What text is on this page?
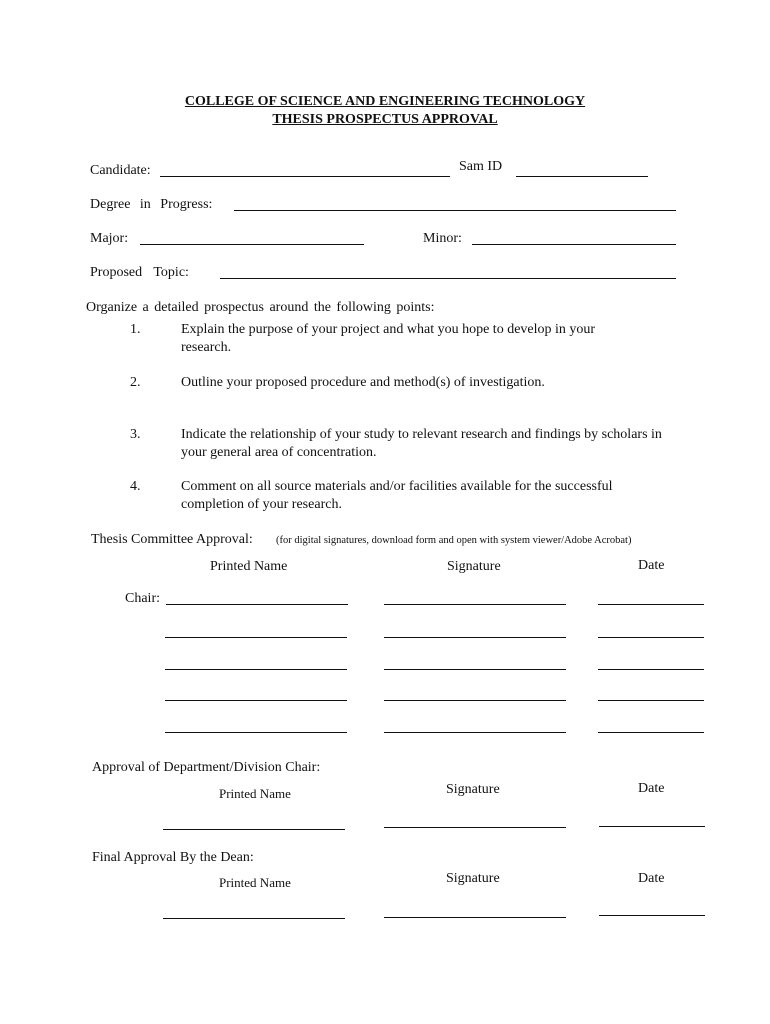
COLLEGE OF SCIENCE AND ENGINEERING TECHNOLOGY
THESIS PROSPECTUS APPROVAL
Candidate:	Sam ID
Degree in Progress:
Major:	Minor:
Proposed Topic:
Organize a detailed prospectus around the following points:
1.	Explain the purpose of your project and what you hope to develop in your
research.
2.	Outline your proposed procedure and method(s) of investigation.
3.	Indicate the relationship of your study to relevant research and findings by scholars in
your general area of concentration.
4.	Comment on all source materials and/or facilities available for the successful
completion of your research.
Thesis Committee Approval: (for digital signatures, download form and open with system viewer/Adobe Acrobat)
Printed Name	Signature	Date
Chair:
Approval of Department/Division Chair:
Printed Name	Signature	Date
Final Approval By the Dean:
Printed Name	Signature	Date
